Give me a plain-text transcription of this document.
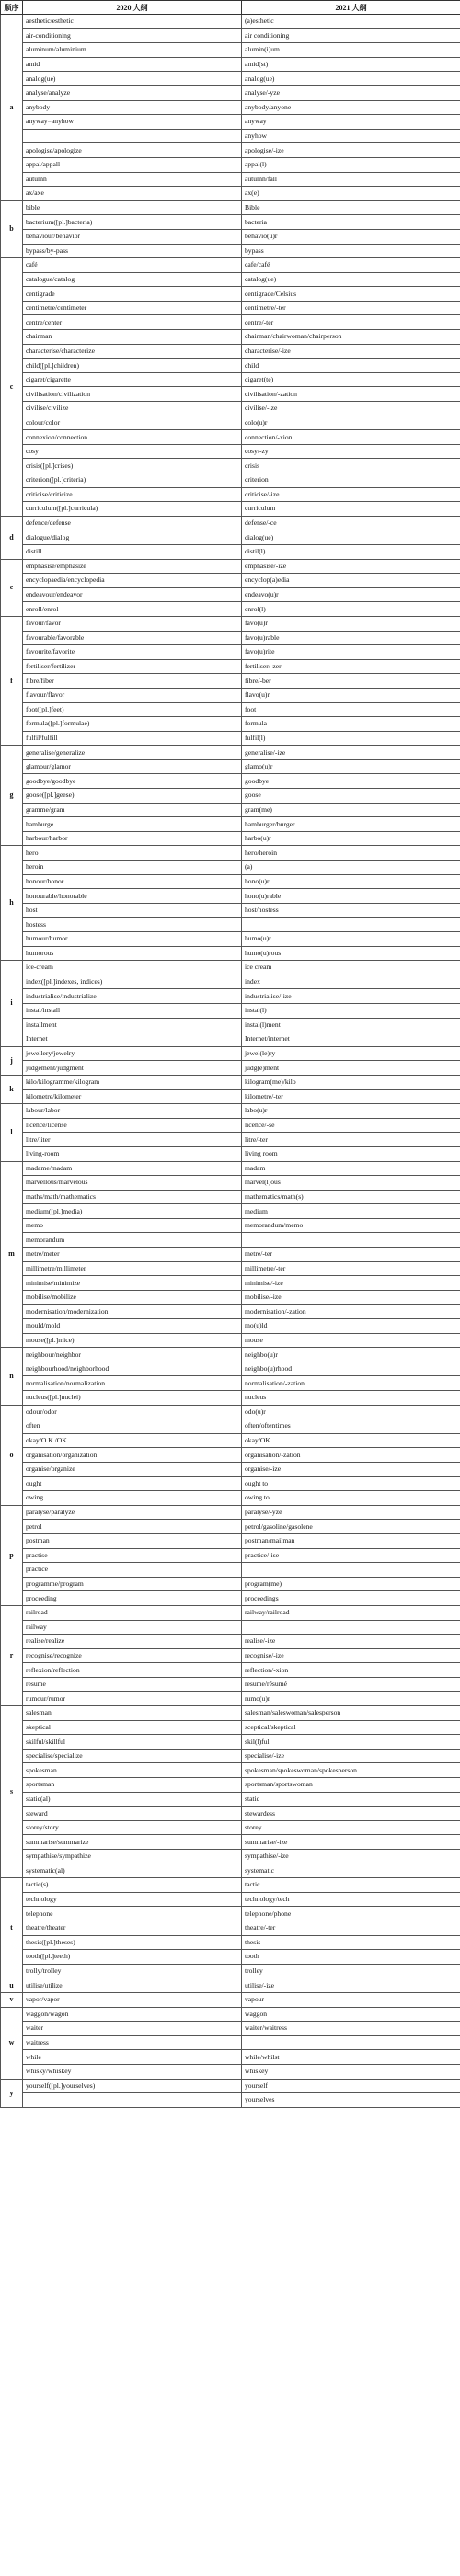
顺序	2020 大纲	2021 大纲
a	aesthetic/esthetic	(a)esthetic
	air-conditioning	air conditioning
	aluminum/aluminium	alumin(i)um
	amid	amid(st)
	analog(ue)	analog(ue)
	analyse/analyze	analyse/-yze
	anybody	anybody/anyone
	anyway=anyhow	anyway
		anyhow
	apologise/apologize	apologise/-ize
	appal/appall	appal(l)
	autumn	autumn/fall
	ax/axe	ax(e)
b	bible	Bible
	bacterium([pl.]bacteria)	bacteria
	behaviour/behavior	behavio(u)r
	bypass/by-pass	bypass
c	café	cafe/café
	catalogue/catalog	catalog(ue)
	centigrade	centigrade/Celsius
	centimetre/centimeter	centimetre/-ter
	centre/center	centre/-ter
	chairman	chairman/chairwoman/chairperson
	characterise/characterize	characterise/-ize
	child([pl.]children)	child
	cigaret/cigarette	cigaret(te)
	civilisation/civilization	civilisation/-zation
	civilise/civilize	civilise/-ize
	colour/color	colo(u)r
	connexion/connection	connection/-xion
	cosy	cosy/-zy
	crisis([pl.]crises)	crisis
	criterion([pl.]criteria)	criterion
	criticise/criticize	criticise/-ize
	curriculum([pl.]curricula)	curriculum
d	defence/defense	defense/-ce
	dialogue/dialog	dialog(ue)
	distill	distil(l)
e	emphasise/emphasize	emphasise/-ize
	encyclopaedia/encyclopedia	encyclop(a)edia
	endeavour/endeavor	endeavo(u)r
	enroll/enrol	enrol(l)
f	favour/favor	favo(u)r
	favourable/favorable	favo(u)rable
	favourite/favorite	favo(u)rite
	fertiliser/fertilizer	fertiliser/-zer
	fibre/fiber	fibre/-ber
	flavour/flavor	flavo(u)r
	foot([pl.]feet)	foot
	formula([pl.]formulae)	formula
	fulfil/fulfill	fulfil(l)
g	generalise/generalize	generalise/-ize
	glamour/glamor	glamo(u)r
	goodbye/goodbye	goodbye
	goose([pl.]geese)	goose
	gramme/gram	gram(me)
	hamburge	hamburger/burger
	harbour/harbor	harbo(u)r
h	hero	hero/heroin
	heroin	(a)
	honour/honor	hono(u)r
	honourable/honorable	hono(u)rable
	host	host/hostess
	hostess	
	humour/humor	humo(u)r
	humorous	humo(u)rous
i	ice-cream	ice cream
	index([pl.]indexes, indices)	index
	industrialise/industrialize	industrialise/-ize
	instal/install	instal(l)
	installment	instal(l)ment
	Internet	Internet/internet
j	jewellery/jewelry	jewel(le)ry
	judgement/judgment	judg(e)ment
k	kilo/kilogramme/kilogram	kilogram(me)/kilo
	kilometre/kilometer	kilometre/-ter
l	labour/labor	labo(u)r
	licence/license	licence/-se
	litre/liter	litre/-ter
	living-room	living room
m	madame/madam	madam
	marvellous/marvelous	marvel(l)ous
	maths/math/mathematics	mathematics/math(s)
	medium([pl.]media)	medium
	memo	memorandum/memo
	memorandum	
	metre/meter	metre/-ter
	millimetre/millimeter	millimetre/-ter
	minimise/minimize	minimise/-ize
	mobilise/mobilize	mobilise/-ize
	modernisation/modernization	modernisation/-zation
	mould/mold	mo(u)ld
	mouse([pl.]mice)	mouse
n	neighbour/neighbor	neighbo(u)r
	neighbourhood/neighborhood	neighbo(u)rhood
	normalisation/normalization	normalisation/-zation
	nucleus([pl.]nuclei)	nucleus
o	odour/odor	odo(u)r
	often	often/oftentimes
	okay/O.K./OK	okay/OK
	organisation/organization	organisation/-zation
	organise/organize	organise/-ize
	ought	ought to
	owing	owing to
p	paralyse/paralyze	paralyse/-yze
	petrol	petrol/gasoline/gasolene
	postman	postman/mailman
	practise	practice/-ise
	practice	
	programme/program	program(me)
	proceeding	proceedings
r	railroad	railway/railroad
	railway	
	realise/realize	realise/-ize
	recognise/recognize	recognise/-ize
	reflexion/reflection	reflection/-xion
	resume	resume/résumé
	rumour/rumor	rumo(u)r
s	salesman	salesman/saleswoman/salesperson
	skeptical	sceptical/skeptical
	skilful/skillful	skil(l)ful
	specialise/specialize	specialise/-ize
	spokesman	spokesman/spokeswoman/spokesperson
	sportsman	sportsman/sportswoman
	static(al)	static
	steward	stewardess
	storey/story	storey
	summarise/summarize	summarise/-ize
	sympathise/sympathize	sympathise/-ize
	systematic(al)	systematic
t	tactic(s)	tactic
	technology	technology/tech
	telephone	telephone/phone
	theatre/theater	theatre/-ter
	thesis([pl.]theses)	thesis
	tooth([pl.]teeth)	tooth
	trolly/trolley	trolley
u	utilise/utilize	utilise/-ize
v	vapor/vapor	vapour
w	waggon/wagon	waggon
	waiter	waiter/waitress
	waitress	
	while	while/whilst
	whisky/whiskey	whiskey
y	yourself([pl.]yourselves)	yourself
		yourselves
